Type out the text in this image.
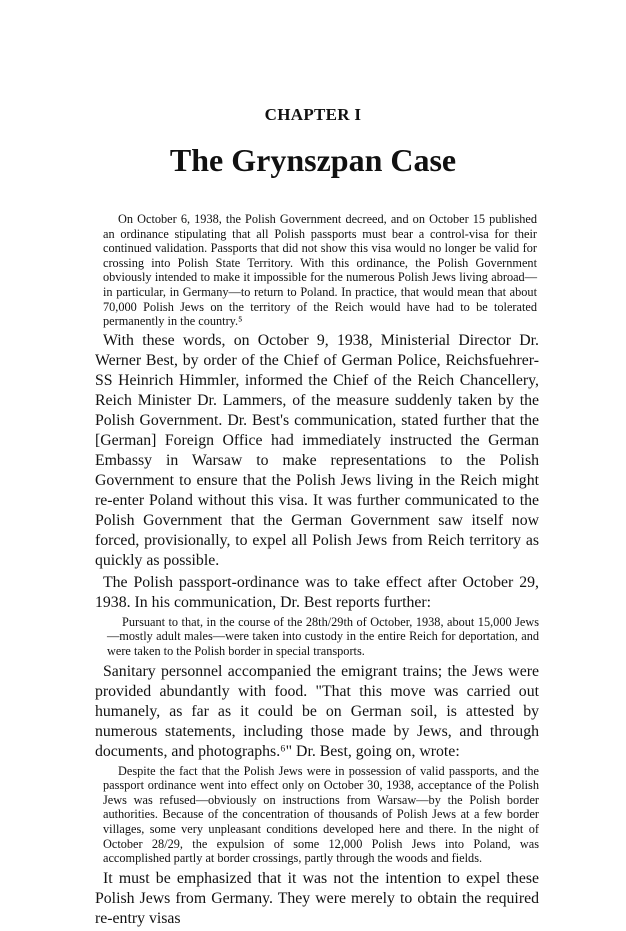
CHAPTER I
The Grynszpan Case

On October 6, 1938, the Polish Government decreed, and on October 15 published an ordinance stipulating that all Polish passports must bear a control-visa for their continued validation. Passports that did not show this visa would no longer be valid for crossing into Polish State Territory. With this ordinance, the Polish Government obviously intended to make it impossible for the numerous Polish Jews living abroad—in particular, in Germany—to return to Poland. In practice, that would mean that about 70,000 Polish Jews on the territory of the Reich would have had to be tolerated permanently in the country.⁵

With these words, on October 9, 1938, Ministerial Director Dr. Werner Best, by order of the Chief of German Police, Reichsfuehrer-SS Heinrich Himmler, informed the Chief of the Reich Chancellery, Reich Minister Dr. Lammers, of the measure suddenly taken by the Polish Government. Dr. Best's communication, stated further that the [German] Foreign Office had immediately instructed the German Embassy in Warsaw to make representations to the Polish Government to ensure that the Polish Jews living in the Reich might re-enter Poland without this visa. It was further communicated to the Polish Government that the German Government saw itself now forced, provisionally, to expel all Polish Jews from Reich territory as quickly as possible.

The Polish passport-ordinance was to take effect after October 29, 1938. In his communication, Dr. Best reports further:

Pursuant to that, in the course of the 28th/29th of October, 1938, about 15,000 Jews—mostly adult males—were taken into custody in the entire Reich for deportation, and were taken to the Polish border in special transports.

Sanitary personnel accompanied the emigrant trains; the Jews were provided abundantly with food. "That this move was carried out humanely, as far as it could be on German soil, is attested by numerous statements, including those made by Jews, and through documents, and photographs.⁶" Dr. Best, going on, wrote:

Despite the fact that the Polish Jews were in possession of valid passports, and the passport ordinance went into effect only on October 30, 1938, acceptance of the Polish Jews was refused—obviously on instructions from Warsaw—by the Polish border authorities. Because of the concentration of thousands of Polish Jews at a few border villages, some very unpleasant conditions developed here and there. In the night of October 28/29, the expulsion of some 12,000 Polish Jews into Poland, was accomplished partly at border crossings, partly through the woods and fields.

It must be emphasized that it was not the intention to expel these Polish Jews from Germany. They were merely to obtain the required re-entry visas
